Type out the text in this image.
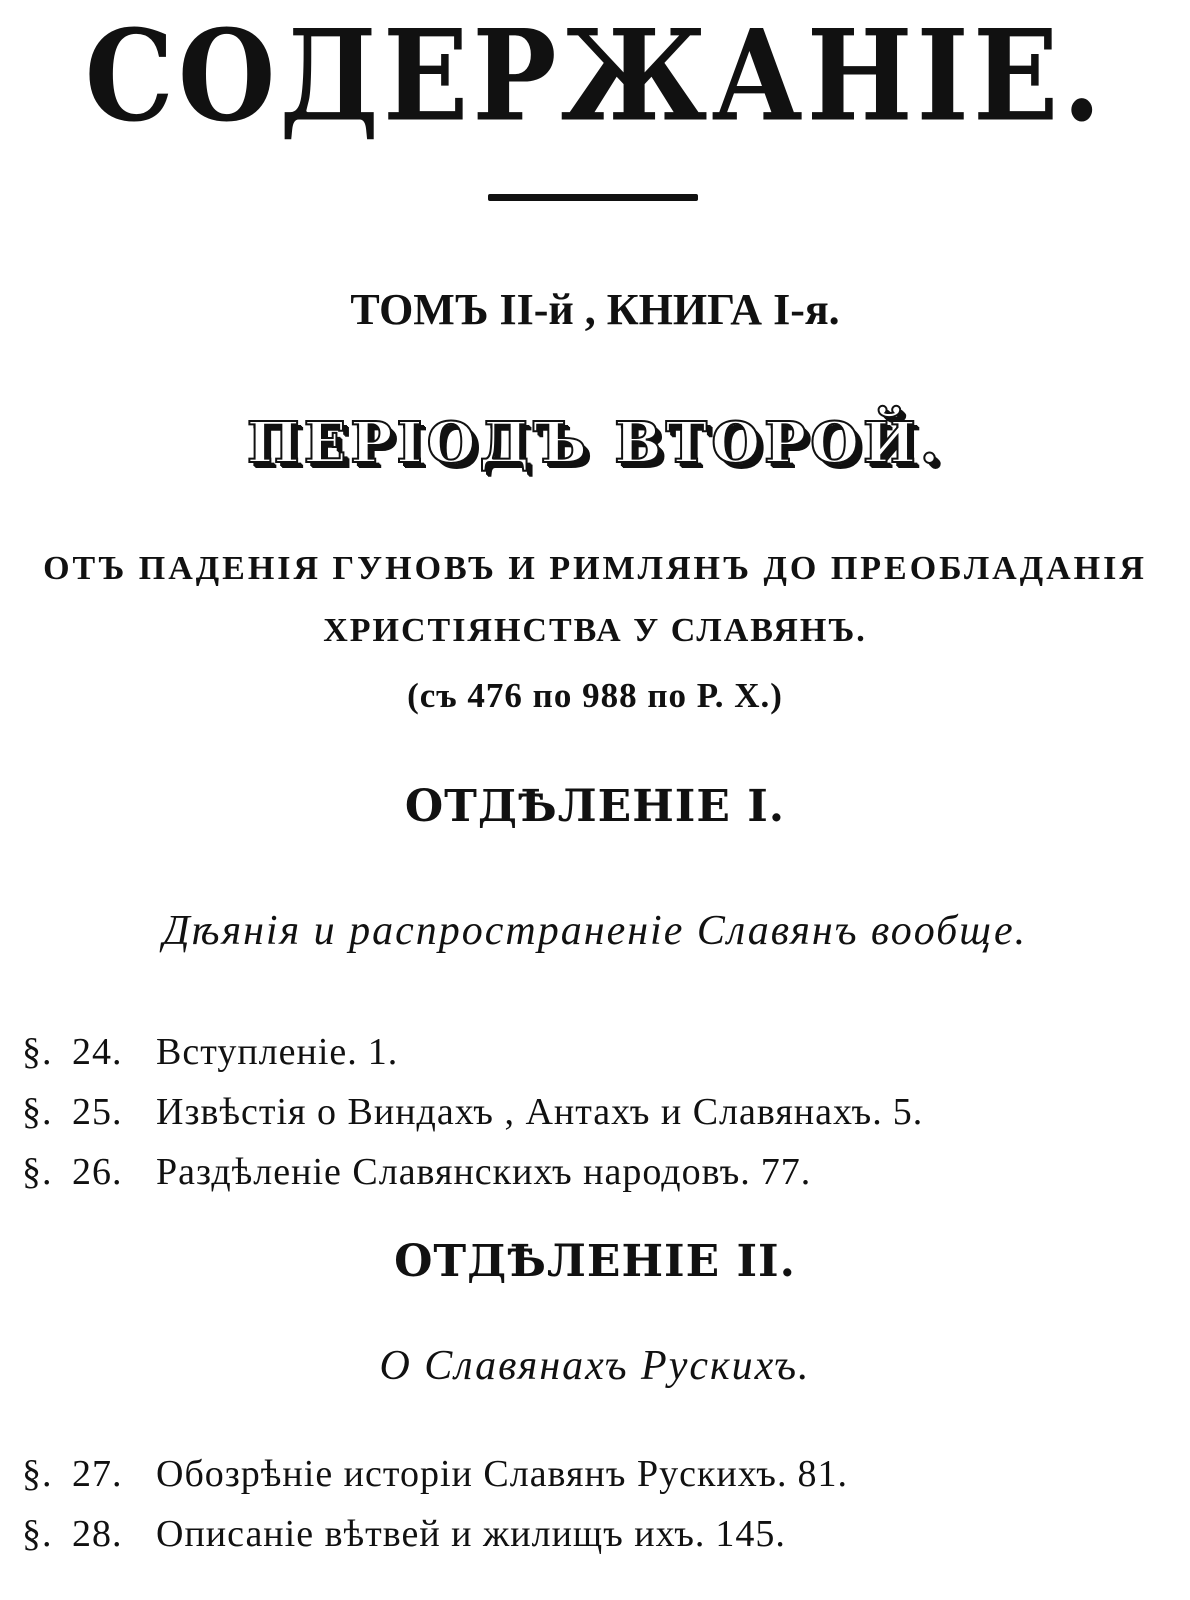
СОДЕРЖАНIЕ.
ТОМЪ II-й , КНИГА I-я.
ПЕРIОДЪ ВТОРОЙ.
ОТЪ ПАДЕНIЯ ГУНОВЪ И РИМЛЯНЪ ДО ПРЕОБЛАДАНIЯ
ХРИСТIЯНСТВА У СЛАВЯНЪ.
(съ 476 по 988 по Р. Х.)
ОТДѢЛЕНIЕ I.
Дѣянiя и распространенiе Славянъ вообще.
§. 24. Вступленiе. 1.
§. 25. Извѣстiя о Виндахъ , Антахъ и Славянахъ. 5.
§. 26. Раздѣленiе Славянскихъ народовъ. 77.
ОТДѢЛЕНIЕ II.
О Славянахъ Рускихъ.
§. 27. Обозрѣнiе исторiи Славянъ Рускихъ. 81.
§. 28. Описанiе вѣтвей и жилищъ ихъ. 145.
